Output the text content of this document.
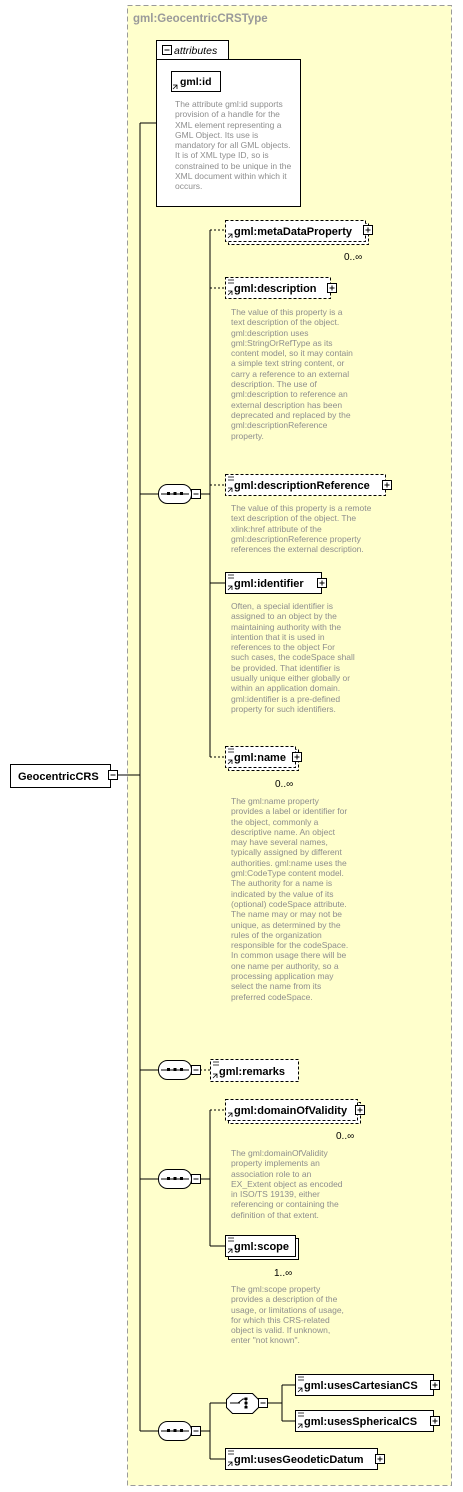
gml:GeocentricCRSType
attributes
gml:id
GeocentricCRS
gml:metaDataProperty
0..∞
gml:description
gml:descriptionReference
gml:identifier
gml:name
0..∞
gml:remarks
gml:domainOfValidity
0..∞
gml:scope
1..∞
gml:usesCartesianCS
gml:usesSphericalCS
gml:usesGeodeticDatum

The attribute gml:id supports provision of a handle for the XML element representing a GML Object. Its use is mandatory for all GML objects. It is of XML type ID, so is constrained to be unique in the XML document within which it occurs.

The value of this property is a text description of the object. gml:description uses gml:StringOrRefType as its content model, so it may contain a simple text string content, or carry a reference to an external description. The use of gml:description to reference an external description has been deprecated and replaced by the gml:descriptionReference property.

The value of this property is a remote text description of the object. The xlink:href attribute of the gml:descriptionReference property references the external description.

Often, a special identifier is assigned to an object by the maintaining authority with the intention that it is used in references to the object For such cases, the codeSpace shall be provided. That identifier is usually unique either globally or within an application domain. gml:identifier is a pre-defined property for such identifiers.

The gml:name property provides a label or identifier for the object, commonly a descriptive name. An object may have several names, typically assigned by different authorities. gml:name uses the gml:CodeType content model. The authority for a name is indicated by the value of its (optional) codeSpace attribute. The name may or may not be unique, as determined by the rules of the organization responsible for the codeSpace. In common usage there will be one name per authority, so a processing application may select the name from its preferred codeSpace.

The gml:domainOfValidity property implements an association role to an EX_Extent object as encoded in ISO/TS 19139, either referencing or containing the definition of that extent.

The gml:scope property provides a description of the usage, or limitations of usage, for which this CRS-related object is valid. If unknown, enter "not known".
